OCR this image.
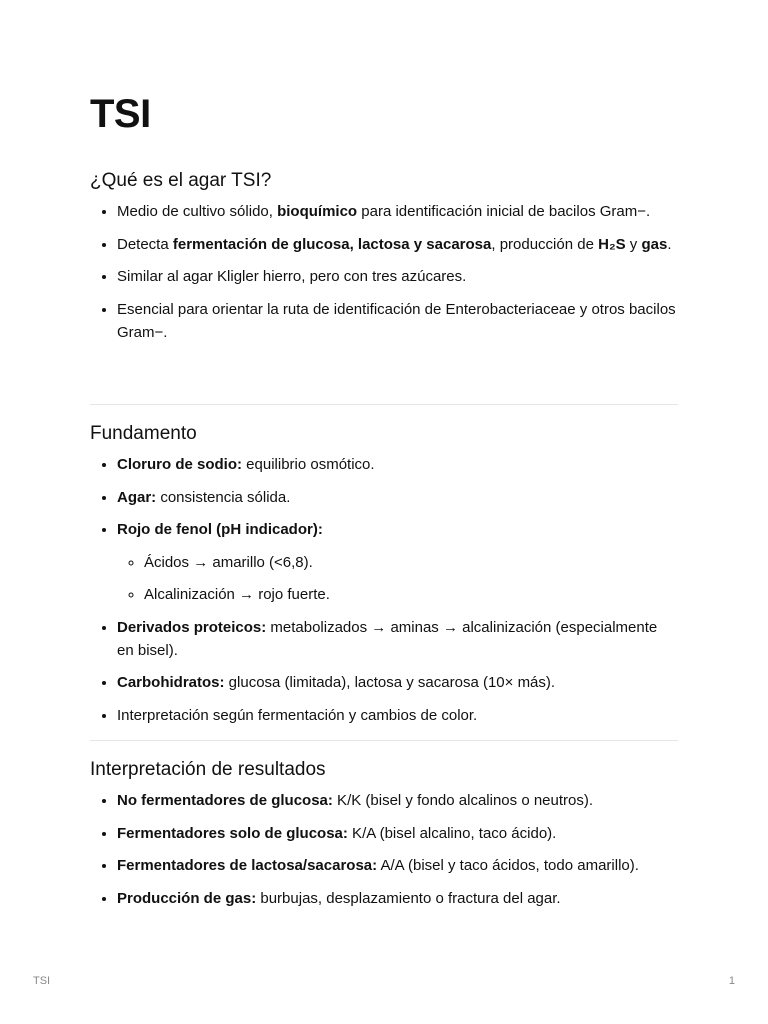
TSI
¿Qué es el agar TSI?
• Medio de cultivo sólido, bioquímico para identificación inicial de bacilos Gram−.
• Detecta fermentación de glucosa, lactosa y sacarosa, producción de H₂S y gas.
• Similar al agar Kligler hierro, pero con tres azúcares.
• Esencial para orientar la ruta de identificación de Enterobacteriaceae y otros bacilos Gram−.
Fundamento
• Cloruro de sodio: equilibrio osmótico.
• Agar: consistencia sólida.
• Rojo de fenol (pH indicador):
◦ Ácidos → amarillo (<6,8).
◦ Alcalinización → rojo fuerte.
• Derivados proteicos: metabolizados → aminas → alcalinización (especialmente en bisel).
• Carbohidratos: glucosa (limitada), lactosa y sacarosa (10× más).
• Interpretación según fermentación y cambios de color.
Interpretación de resultados
• No fermentadores de glucosa: K/K (bisel y fondo alcalinos o neutros).
• Fermentadores solo de glucosa: K/A (bisel alcalino, taco ácido).
• Fermentadores de lactosa/sacarosa: A/A (bisel y taco ácidos, todo amarillo).
• Producción de gas: burbujas, desplazamiento o fractura del agar.
TSI	1
